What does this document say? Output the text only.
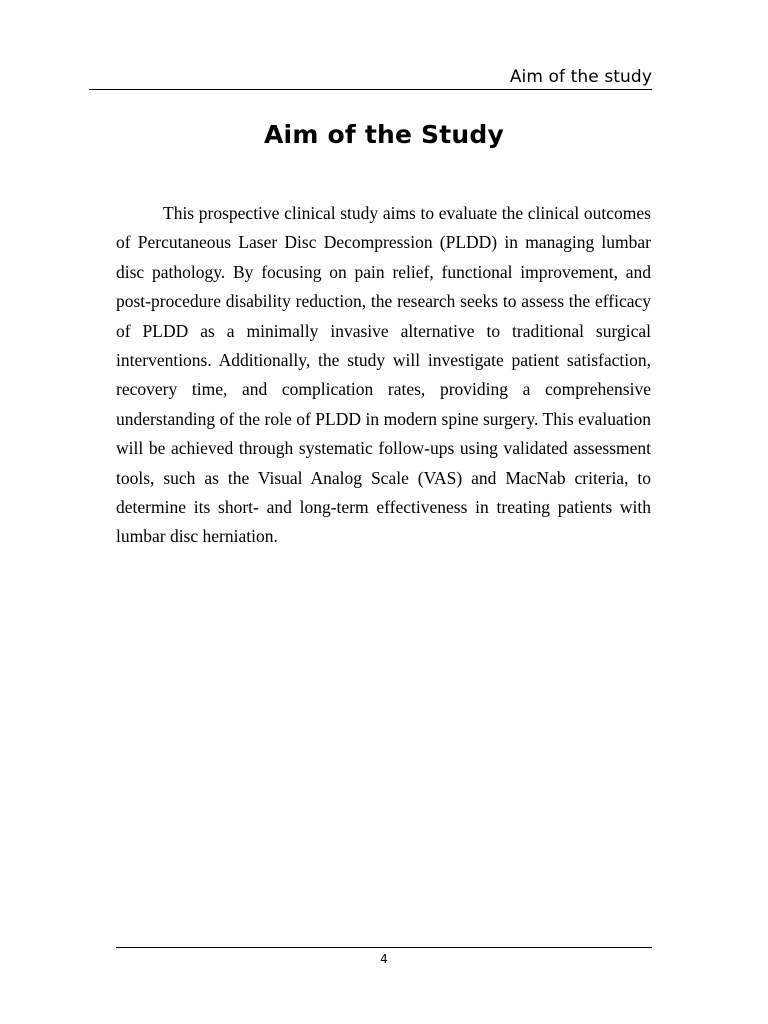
Aim of the study
Aim of the Study

This prospective clinical study aims to evaluate the clinical outcomes of Percutaneous Laser Disc Decompression (PLDD) in managing lumbar disc pathology. By focusing on pain relief, functional improvement, and post-procedure disability reduction, the research seeks to assess the efficacy of PLDD as a minimally invasive alternative to traditional surgical interventions. Additionally, the study will investigate patient satisfaction, recovery time, and complication rates, providing a comprehensive understanding of the role of PLDD in modern spine surgery. This evaluation will be achieved through systematic follow-ups using validated assessment tools, such as the Visual Analog Scale (VAS) and MacNab criteria, to determine its short- and long-term effectiveness in treating patients with lumbar disc herniation.

4
